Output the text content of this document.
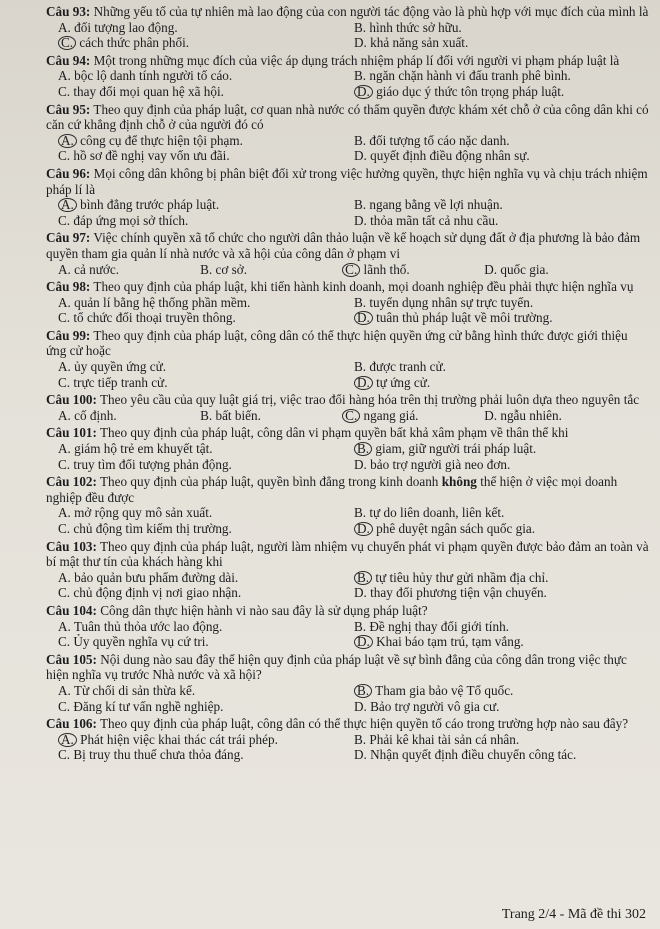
Câu 93: Những yếu tố của tự nhiên mà lao động của con người tác động vào là phù hợp với mục đích của mình là
A. đối tượng lao động.	B. hình thức sở hữu.
C. cách thức phân phối.	D. khả năng sản xuất.
Câu 94: Một trong những mục đích của việc áp dụng trách nhiệm pháp lí đối với người vi phạm pháp luật là
A. bộc lộ danh tính người tố cáo.	B. ngăn chặn hành vi đấu tranh phê bình.
C. thay đổi mọi quan hệ xã hội.	D. giáo dục ý thức tôn trọng pháp luật.
Câu 95: Theo quy định của pháp luật, cơ quan nhà nước có thẩm quyền được khám xét chỗ ở của công dân khi có căn cứ khẳng định chỗ ở của người đó có
A. công cụ để thực hiện tội phạm.	B. đối tượng tố cáo nặc danh.
C. hồ sơ đề nghị vay vốn ưu đãi.	D. quyết định điều động nhân sự.
Câu 96: Mọi công dân không bị phân biệt đối xử trong việc hưởng quyền, thực hiện nghĩa vụ và chịu trách nhiệm pháp lí là
A. bình đẳng trước pháp luật.	B. ngang bằng về lợi nhuận.
C. đáp ứng mọi sở thích.	D. thỏa mãn tất cả nhu cầu.
Câu 97: Việc chính quyền xã tổ chức cho người dân thảo luận về kế hoạch sử dụng đất ở địa phương là bảo đảm quyền tham gia quản lí nhà nước và xã hội của công dân ở phạm vi
A. cả nước.	B. cơ sở.	C. lãnh thổ.	D. quốc gia.
Câu 98: Theo quy định của pháp luật, khi tiến hành kinh doanh, mọi doanh nghiệp đều phải thực hiện nghĩa vụ
A. quản lí bằng hệ thống phần mềm.	B. tuyển dụng nhân sự trực tuyến.
C. tổ chức đối thoại truyền thông.	D. tuân thủ pháp luật về môi trường.
Câu 99: Theo quy định của pháp luật, công dân có thể thực hiện quyền ứng cử bằng hình thức được giới thiệu ứng cử hoặc
A. ủy quyền ứng cử.	B. được tranh cử.
C. trực tiếp tranh cử.	D. tự ứng cử.
Câu 100: Theo yêu cầu của quy luật giá trị, việc trao đổi hàng hóa trên thị trường phải luôn dựa theo nguyên tắc
A. cố định.	B. bất biến.	C. ngang giá.	D. ngẫu nhiên.
Câu 101: Theo quy định của pháp luật, công dân vi phạm quyền bất khả xâm phạm về thân thể khi
A. giám hộ trẻ em khuyết tật.	B. giam, giữ người trái pháp luật.
C. truy tìm đối tượng phản động.	D. bảo trợ người già neo đơn.
Câu 102: Theo quy định của pháp luật, quyền bình đẳng trong kinh doanh không thể hiện ở việc mọi doanh nghiệp đều được
A. mở rộng quy mô sản xuất.	B. tự do liên doanh, liên kết.
C. chủ động tìm kiếm thị trường.	D. phê duyệt ngân sách quốc gia.
Câu 103: Theo quy định của pháp luật, người làm nhiệm vụ chuyển phát vi phạm quyền được bảo đảm an toàn và bí mật thư tín của khách hàng khi
A. bảo quản bưu phẩm đường dài.	B. tự tiêu hủy thư gửi nhầm địa chỉ.
C. chủ động định vị nơi giao nhận.	D. thay đổi phương tiện vận chuyển.
Câu 104: Công dân thực hiện hành vi nào sau đây là sử dụng pháp luật?
A. Tuân thủ thỏa ước lao động.	B. Đề nghị thay đổi giới tính.
C. Ủy quyền nghĩa vụ cứ tri.	D. Khai báo tạm trú, tạm vắng.
Câu 105: Nội dung nào sau đây thể hiện quy định của pháp luật về sự bình đẳng của công dân trong việc thực hiện nghĩa vụ trước Nhà nước và xã hội?
A. Từ chối di sản thừa kế.	B. Tham gia bảo vệ Tổ quốc.
C. Đăng kí tư vấn nghề nghiệp.	D. Bảo trợ người vô gia cư.
Câu 106: Theo quy định của pháp luật, công dân có thể thực hiện quyền tố cáo trong trường hợp nào sau đây?
A. Phát hiện việc khai thác cát trái phép.	B. Phải kê khai tài sản cá nhân.
C. Bị truy thu thuế chưa thỏa đáng.	D. Nhận quyết định điều chuyển công tác.
Trang 2/4 - Mã đề thi 302
